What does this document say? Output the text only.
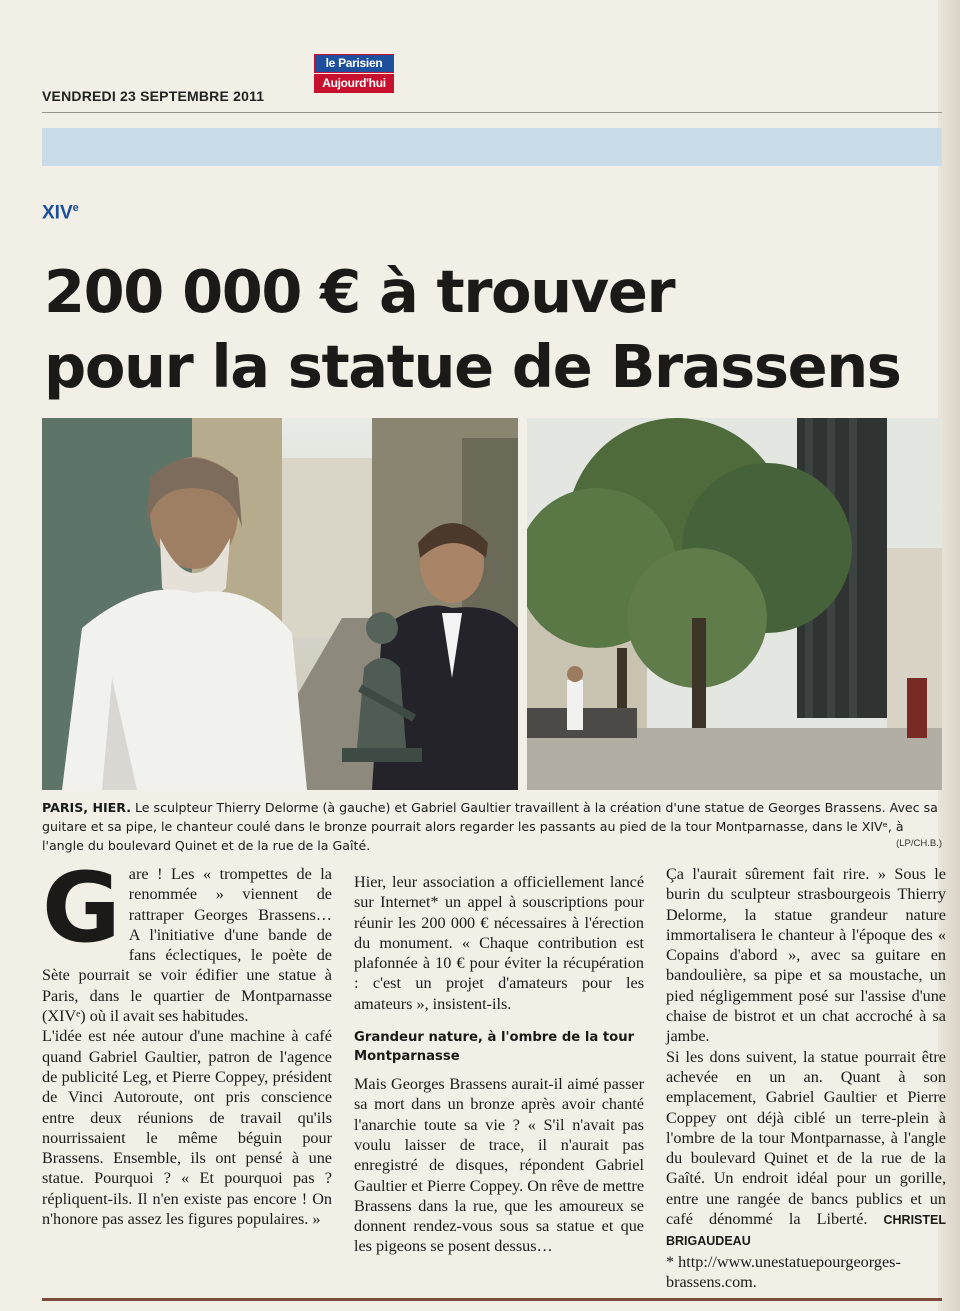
le Parisien
Aujourd'hui
VENDREDI 23 SEPTEMBRE 2011
XIVe
200 000 € à trouver
pour la statue de Brassens
PARIS, HIER. Le sculpteur Thierry Delorme (à gauche) et Gabriel Gaultier travaillent à la création d'une statue de Georges Brassens. Avec sa guitare et sa pipe, le chanteur coulé dans le bronze pourrait alors regarder les passants au pied de la tour Montparnasse, dans le XIVᵉ, à l'angle du boulevard Quinet et de la rue de la Gaîté.	(LP/CH.B.)
G are ! Les « trompettes de la renommée » viennent de rattraper Georges Brassens… A l'initiative d'une bande de fans éclectiques, le poète de Sète pourrait se voir édifier une statue à Paris, dans le quartier de Montparnasse (XIVᵉ) où il avait ses habitudes.

L'idée est née autour d'une machine à café quand Gabriel Gaultier, patron de l'agence de publicité Leg, et Pierre Coppey, président de Vinci Autoroute, ont pris conscience entre deux réunions de travail qu'ils nourrissaient le même béguin pour Brassens. Ensemble, ils ont pensé à une statue. Pourquoi ? « Et pourquoi pas ? répliquent-ils. Il n'en existe pas encore ! On n'honore pas assez les figures populaires. »

Hier, leur association a officiellement lancé sur Internet* un appel à souscriptions pour réunir les 200 000 € nécessaires à l'érection du monument. « Chaque contribution est plafonnée à 10 € pour éviter la récupération : c'est un projet d'amateurs pour les amateurs », insistent-ils.

Grandeur nature, à l'ombre de la tour Montparnasse

Mais Georges Brassens aurait-il aimé passer sa mort dans un bronze après avoir chanté l'anarchie toute sa vie ? « S'il n'avait pas voulu laisser de trace, il n'aurait pas enregistré de disques, répondent Gabriel Gaultier et Pierre Coppey. On rêve de mettre Brassens dans la rue, que les amoureux se donnent rendez-vous sous sa statue et que les pigeons se posent dessus…

Ça l'aurait sûrement fait rire. » Sous le burin du sculpteur strasbourgeois Thierry Delorme, la statue grandeur nature immortalisera le chanteur à l'époque des « Copains d'abord », avec sa guitare en bandoulière, sa pipe et sa moustache, un pied négligemment posé sur l'assise d'une chaise de bistrot et un chat accroché à sa jambe.

Si les dons suivent, la statue pourrait être achevée en un an. Quant à son emplacement, Gabriel Gaultier et Pierre Coppey ont déjà ciblé un terre-plein à l'ombre de la tour Montparnasse, à l'angle du boulevard Quinet et de la rue de la Gaîté. Un endroit idéal pour un gorille, entre une rangée de bancs publics et un café dénommé la Liberté. CHRISTEL BRIGAUDEAU

* http://www.unestatuepourgeorges-brassens.com.
